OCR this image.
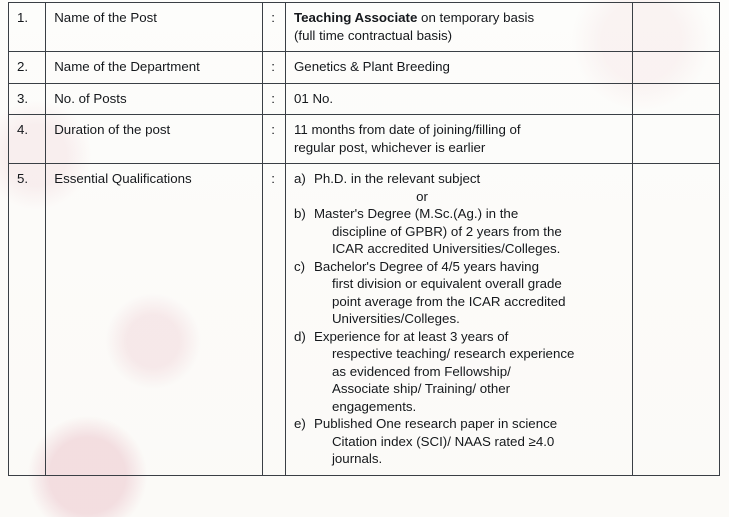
1.	Name of the Post	:	Teaching Associate on temporary basis
(full time contractual basis)	

2.	Name of the Department	:	Genetics & Plant Breeding	
3.	No. of Posts	:	01 No.	
4.	Duration of the post	:	11 months from date of joining/filling of
regular post, whichever is earlier	

5.	Essential Qualifications	:	a) Ph.D. in the relevant subject
or
b) Master's Degree (M.Sc.(Ag.) in the
discipline of GPBR) of 2 years from the
ICAR accredited Universities/Colleges.
c) Bachelor's Degree of 4/5 years having
first division or equivalent overall grade
point average from the ICAR accredited
Universities/Colleges.
d) Experience for at least 3 years of
respective teaching/ research experience
as evidenced from Fellowship/
Associate ship/ Training/ other
engagements.
e) Published One research paper in science
Citation index (SCI)/ NAAS rated ≥4.0
journals.
